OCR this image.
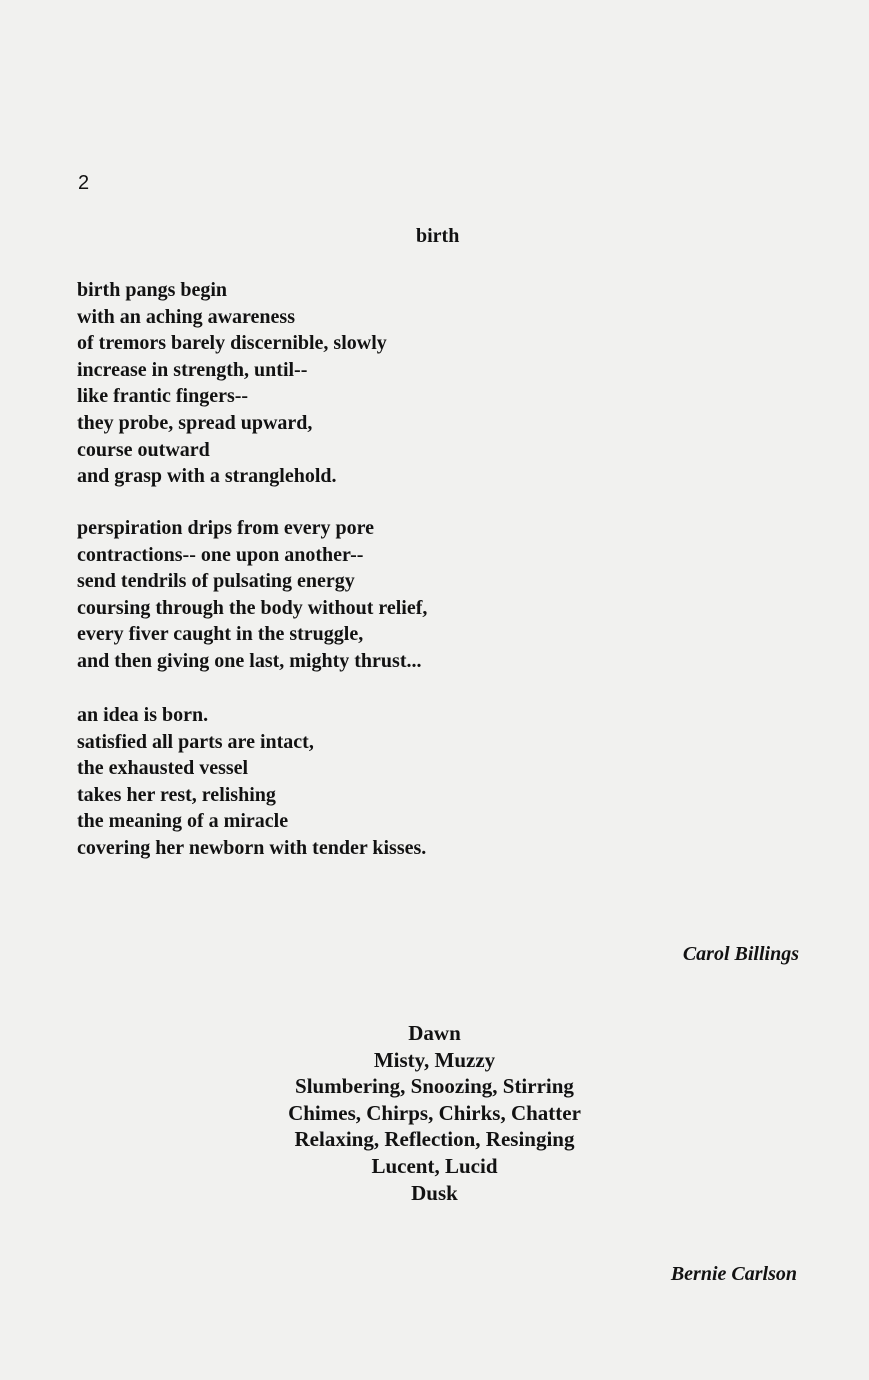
2
birth
birth pangs begin
with an aching awareness
of tremors barely discernible, slowly
increase in strength, until--
like frantic fingers--
they probe, spread upward,
course outward
and grasp with a stranglehold.
perspiration drips from every pore
contractions-- one upon another--
send tendrils of pulsating energy
coursing through the body without relief,
every fiver caught in the struggle,
and then giving one last, mighty thrust...
an idea is born.
satisfied all parts are intact,
the exhausted vessel
takes her rest, relishing
the meaning of a miracle
covering her newborn with tender kisses.
Carol Billings
Dawn
Misty, Muzzy
Slumbering, Snoozing, Stirring
Chimes, Chirps, Chirks, Chatter
Relaxing, Reflection, Resinging
Lucent, Lucid
Dusk
Bernie Carlson
